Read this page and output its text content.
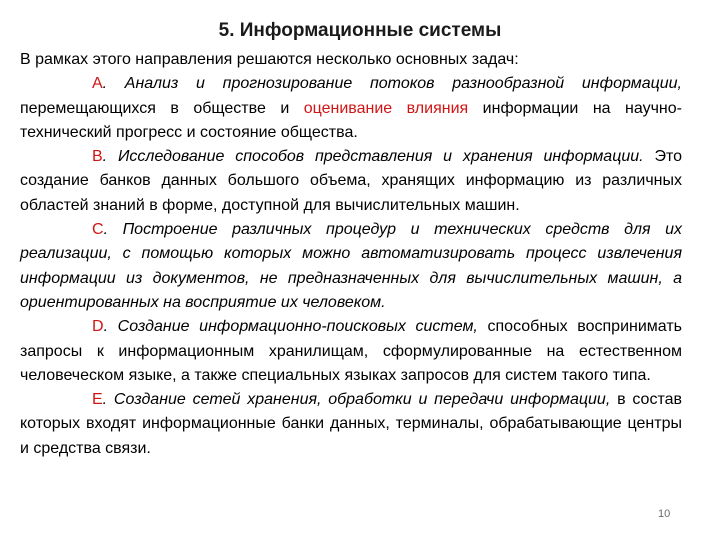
5. Информационные системы

В рамках этого направления решаются несколько основных задач:

А. Анализ и прогнозирование потоков разнообразной информации, перемещающихся в обществе и оценивание влияния информации на научно-технический прогресс и состояние общества.

B. Исследование способов представления и хранения информации. Это создание банков данных большого объема, хранящих информацию из различных областей знаний в форме, доступной для вычислительных машин.

C. Построение различных процедур и технических средств для их реализации, с помощью которых можно автоматизировать процесс извлечения информации из документов, не предназначенных для вычислительных машин, а ориентированных на восприятие их человеком.

D. Создание информационно-поисковых систем, способных воспринимать запросы к информационным хранилищам, сформулированные на естественном человеческом языке, а также специальных языках запросов для систем такого типа.

E. Создание сетей хранения, обработки и передачи информации, в состав которых входят информационные банки данных, терминалы, обрабатывающие центры и средства связи.

10
